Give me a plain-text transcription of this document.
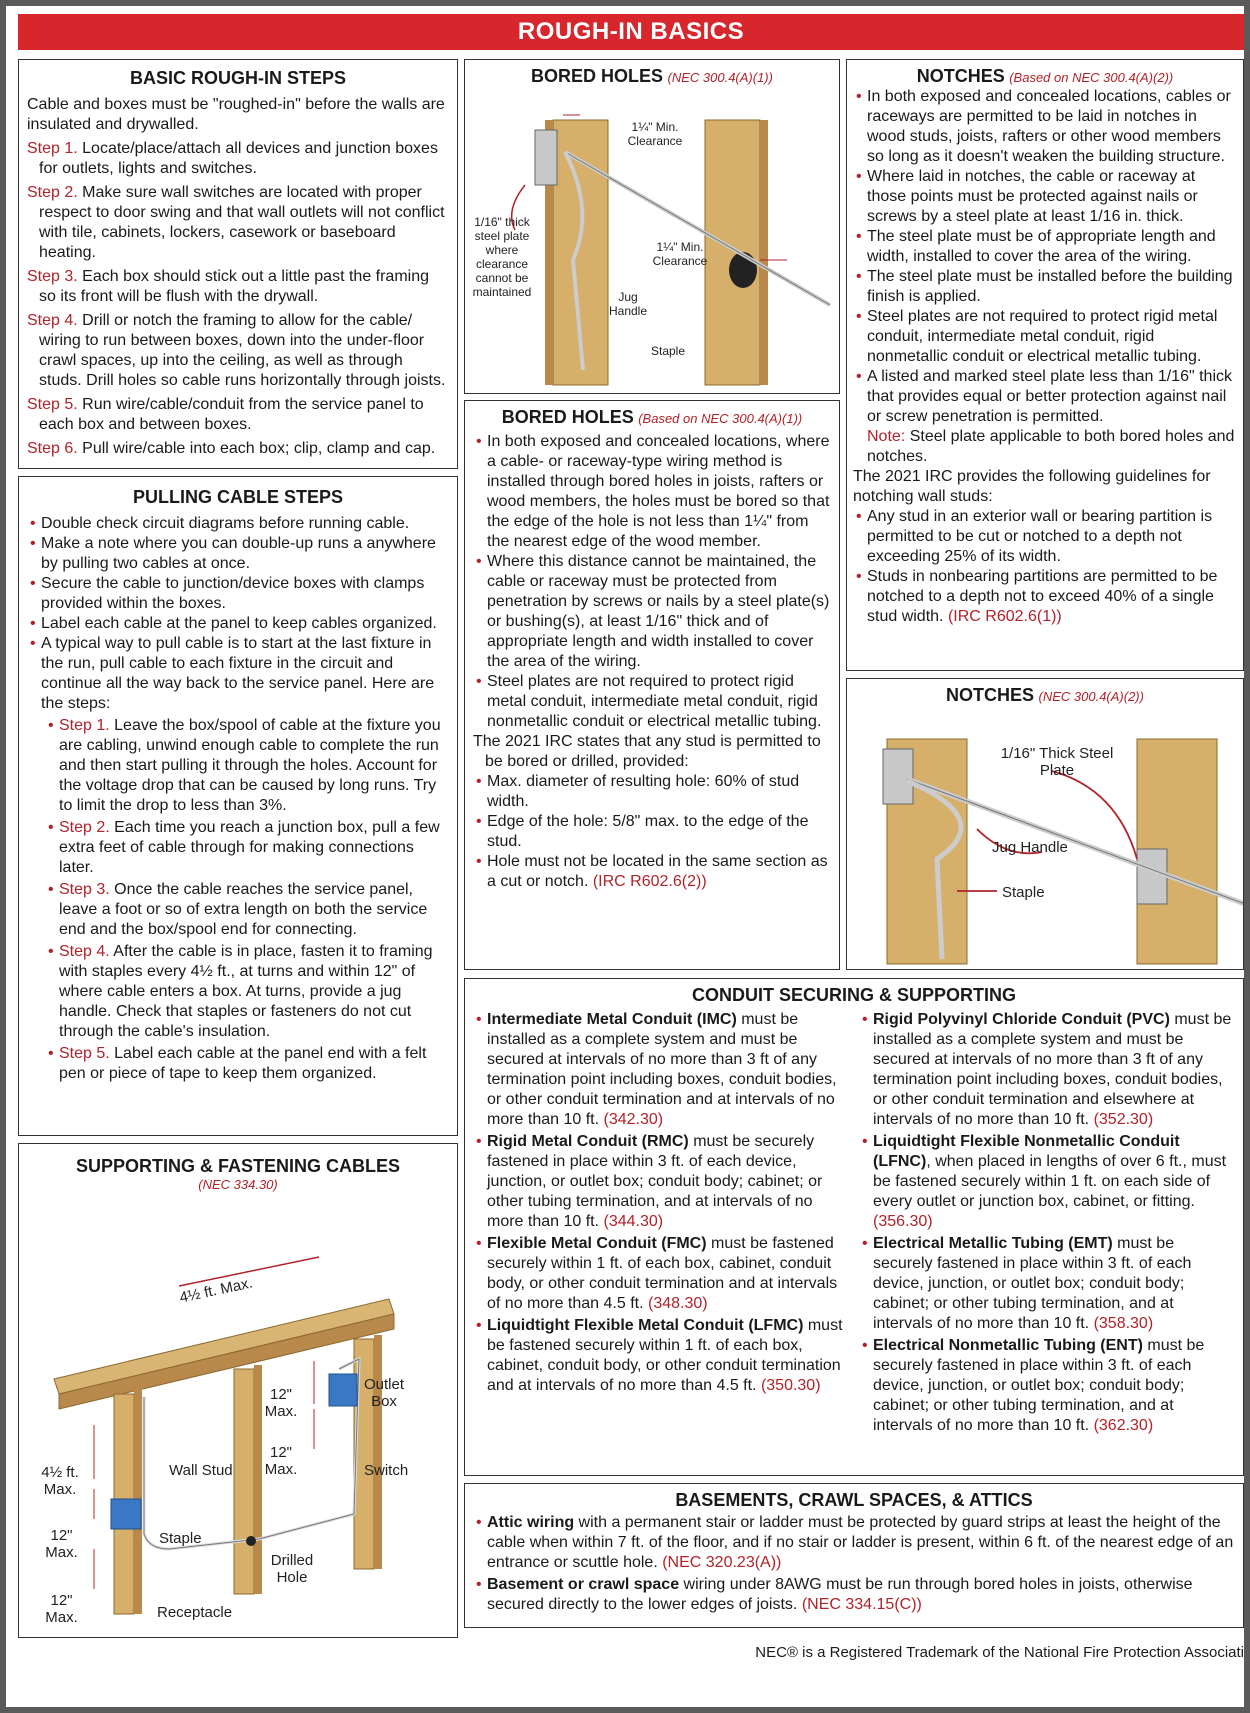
ROUGH-IN BASICS
BASIC ROUGH-IN STEPS
Cable and boxes must be "roughed-in" before the walls are insulated and drywalled.
Step 1. Locate/place/attach all devices and junction boxes for outlets, lights and switches.
Step 2. Make sure wall switches are located with proper respect to door swing and that wall outlets will not conflict with tile, cabinets, lockers, casework or baseboard heating.
Step 3. Each box should stick out a little past the framing so its front will be flush with the drywall.
Step 4. Drill or notch the framing to allow for the cable/ wiring to run between boxes, down into the under-floor crawl spaces, up into the ceiling, as well as through studs. Drill holes so cable runs horizontally through joists.
Step 5. Run wire/cable/conduit from the service panel to each box and between boxes.
Step 6. Pull wire/cable into each box; clip, clamp and cap.
PULLING CABLE STEPS
• Double check circuit diagrams before running cable.
• Make a note where you can double-up runs a anywhere by pulling two cables at once.
• Secure the cable to junction/device boxes with clamps provided within the boxes.
• Label each cable at the panel to keep cables organized.
• A typical way to pull cable is to start at the last fixture in the run, pull cable to each fixture in the circuit and continue all the way back to the service panel. Here are the steps:
• Step 1. Leave the box/spool of cable at the fixture you are cabling, unwind enough cable to complete the run and then start pulling it through the holes. Account for the voltage drop that can be caused by long runs. Try to limit the drop to less than 3%.
• Step 2. Each time you reach a junction box, pull a few extra feet of cable through for making connections later.
• Step 3. Once the cable reaches the service panel, leave a foot or so of extra length on both the service end and the box/spool end for connecting.
• Step 4. After the cable is in place, fasten it to framing with staples every 4½ ft., at turns and within 12" of where cable enters a box. At turns, provide a jug handle. Check that staples or fasteners do not cut through the cable's insulation.
• Step 5. Label each cable at the panel end with a felt pen or piece of tape to keep them organized.
SUPPORTING & FASTENING CABLES
(NEC 334.30)
4½ ft. Max.
Outlet Box
12" Max.
12" Max.
Wall Stud	Switch
4½ ft. Max.
12" Max.
Staple
Drilled Hole
12" Max.	Receptacle
BORED HOLES (NEC 300.4(A)(1))
1¼" Min. Clearance
1/16" thick steel plate where clearance cannot be maintained
1¼" Min. Clearance
Jug Handle
Staple
BORED HOLES (Based on NEC 300.4(A)(1))
• In both exposed and concealed locations, where a cable- or raceway-type wiring method is installed through bored holes in joists, rafters or wood members, the holes must be bored so that the edge of the hole is not less than 1¼" from the nearest edge of the wood member.
• Where this distance cannot be maintained, the cable or raceway must be protected from penetration by screws or nails by a steel plate(s) or bushing(s), at least 1/16" thick and of appropriate length and width installed to cover the area of the wiring.
• Steel plates are not required to protect rigid metal conduit, intermediate metal conduit, rigid nonmetallic conduit or electrical metallic tubing.
The 2021 IRC states that any stud is permitted to be bored or drilled, provided:
• Max. diameter of resulting hole: 60% of stud width.
• Edge of the hole: 5/8" max. to the edge of the stud.
• Hole must not be located in the same section as a cut or notch. (IRC R602.6(2))
NOTCHES (Based on NEC 300.4(A)(2))
• In both exposed and concealed locations, cables or raceways are permitted to be laid in notches in wood studs, joists, rafters or other wood members so long as it doesn't weaken the building structure.
• Where laid in notches, the cable or raceway at those points must be protected against nails or screws by a steel plate at least 1/16 in. thick.
• The steel plate must be of appropriate length and width, installed to cover the area of the wiring.
• The steel plate must be installed before the building finish is applied.
• Steel plates are not required to protect rigid metal conduit, intermediate metal conduit, rigid nonmetallic conduit or electrical metallic tubing.
• A listed and marked steel plate less than 1/16" thick that provides equal or better protection against nail or screw penetration is permitted.
Note: Steel plate applicable to both bored holes and notches.
The 2021 IRC provides the following guidelines for notching wall studs:
• Any stud in an exterior wall or bearing partition is permitted to be cut or notched to a depth not exceeding 25% of its width.
• Studs in nonbearing partitions are permitted to be notched to a depth not to exceed 40% of a single stud width. (IRC R602.6(1))
NOTCHES (NEC 300.4(A)(2))
1/16" Thick Steel Plate
Jug Handle
Staple
CONDUIT SECURING & SUPPORTING
• Intermediate Metal Conduit (IMC) must be installed as a complete system and must be secured at intervals of no more than 3 ft of any termination point including boxes, conduit bodies, or other conduit termination and at intervals of no more than 10 ft. (342.30)
• Rigid Metal Conduit (RMC) must be securely fastened in place within 3 ft. of each device, junction, or outlet box; conduit body; cabinet; or other tubing termination, and at intervals of no more than 10 ft. (344.30)
• Flexible Metal Conduit (FMC) must be fastened securely within 1 ft. of each box, cabinet, conduit body, or other conduit termination and at intervals of no more than 4.5 ft. (348.30)
• Liquidtight Flexible Metal Conduit (LFMC) must be fastened securely within 1 ft. of each box, cabinet, conduit body, or other conduit termination and at intervals of no more than 4.5 ft. (350.30)
• Rigid Polyvinyl Chloride Conduit (PVC) must be installed as a complete system and must be secured at intervals of no more than 3 ft of any termination point including boxes, conduit bodies, or other conduit termination and elsewhere at intervals of no more than 10 ft. (352.30)
• Liquidtight Flexible Nonmetallic Conduit (LFNC), when placed in lengths of over 6 ft., must be fastened securely within 1 ft. on each side of every outlet or junction box, cabinet, or fitting. (356.30)
• Electrical Metallic Tubing (EMT) must be securely fastened in place within 3 ft. of each device, junction, or outlet box; conduit body; cabinet; or other tubing termination, and at intervals of no more than 10 ft. (358.30)
• Electrical Nonmetallic Tubing (ENT) must be securely fastened in place within 3 ft. of each device, junction, or outlet box; conduit body; cabinet; or other tubing termination, and at intervals of no more than 10 ft. (362.30)
BASEMENTS, CRAWL SPACES, & ATTICS
• Attic wiring with a permanent stair or ladder must be protected by guard strips at least the height of the cable when within 7 ft. of the floor, and if no stair or ladder is present, within 6 ft. of the nearest edge of an entrance or scuttle hole. (NEC 320.23(A))
• Basement or crawl space wiring under 8AWG must be run through bored holes in joists, otherwise secured directly to the lower edges of joists. (NEC 334.15(C))
NEC® is a Registered Trademark of the National Fire Protection Associati
